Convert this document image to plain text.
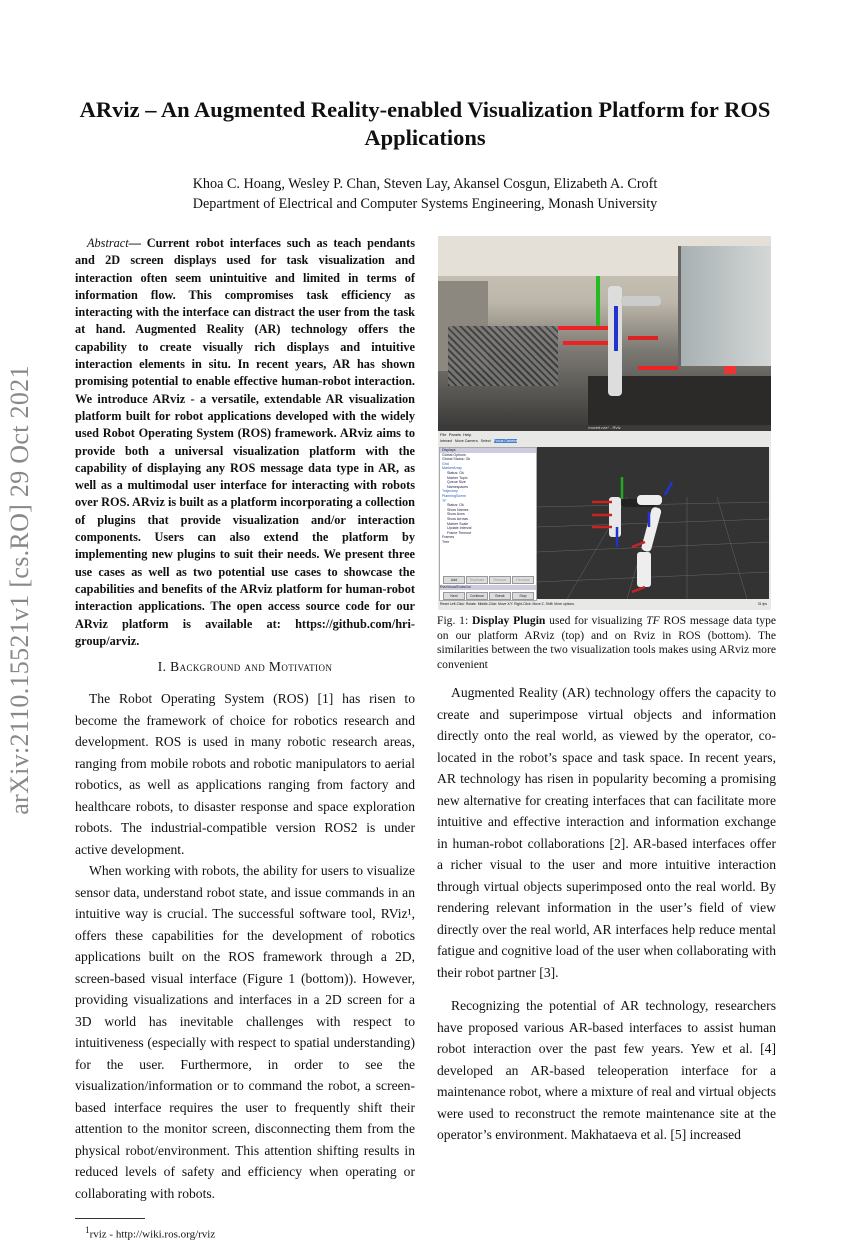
arXiv:2110.15521v1 [cs.RO] 29 Oct 2021
ARviz – An Augmented Reality-enabled Visualization Platform for ROS Applications
Khoa C. Hoang, Wesley P. Chan, Steven Lay, Akansel Cosgun, Elizabeth A. Croft
Department of Electrical and Computer Systems Engineering, Monash University

Abstract— Current robot interfaces such as teach pendants and 2D screen displays used for task visualization and interaction often seem unintuitive and limited in terms of information flow. This compromises task efficiency as interacting with the interface can distract the user from the task at hand. Augmented Reality (AR) technology offers the capability to create visually rich displays and intuitive interaction elements in situ. In recent years, AR has shown promising potential to enable effective human-robot interaction. We introduce ARviz - a versatile, extendable AR visualization platform built for robot applications developed with the widely used Robot Operating System (ROS) framework. ARviz aims to provide both a universal visualization platform with the capability of displaying any ROS message data type in AR, as well as a multimodal user interface for interacting with robots over ROS. ARviz is built as a platform incorporating a collection of plugins that provide visualization and/or interaction components. Users can also extend the platform by implementing new plugins to suit their needs. We present three use cases as well as two potential use cases to showcase the capabilities and benefits of the ARviz platform for human-robot interaction applications. The open access source code for our ARviz platform is available at: https://github.com/hri-group/arviz.

I. Background and Motivation

The Robot Operating System (ROS) [1] has risen to become the framework of choice for robotics research and development. ROS is used in many robotic research areas, ranging from mobile robots and robotic manipulators to aerial robotics, as well as applications ranging from factory and healthcare robots, to disaster response and space exploration robots. The industrial-compatible version ROS2 is under active development.

When working with robots, the ability for users to visualize sensor data, understand robot state, and issue commands in an intuitive way is crucial. The successful software tool, RViz¹, offers these capabilities for the development of robotics applications built on the ROS framework through a 2D, screen-based visual interface (Figure 1 (bottom)). However, providing visualizations and interfaces in a 2D screen for a 3D world has inevitable challenges with respect to intuitiveness (especially with respect to spatial understanding) for the user. Furthermore, in order to see the visualization/information or to command the robot, a screen-based interface requires the user to frequently shift their attention to the monitor screen, disconnecting them from the physical robot/environment. This attention shifting results in reduced levels of safety and efficiency when operating or collaborating with robots.

$^1$rviz - http://wiki.ros.org/rviz
moveit.rviz* - RViz
File Panels Help
Interact Move Camera Select Focus Camera
Displays
Global Options
Global Status: Ok
Grid
MarkerArray
Status: Ok
Marker Topic
Queue Size
Namespaces
Trajectory
PlanningScene
TF
Status: Ok
Show Names
Show Axes
Show Arrows
Marker Scale
Update Interval
Frame Timeout
Frames
Tree
Add	Duplicate	Remove	Rename
RvizVisualToolsGui
Next	Continue	Break	Stop
Reset Left-Click: Rotate. Middle-Click: Move X/Y. Right-Click: Move Z. Shift: More options.	31 fps
Fig. 1: Display Plugin used for visualizing TF ROS message data type on our platform ARviz (top) and on Rviz in ROS (bottom). The similarities between the two visualization tools makes using ARviz more convenient

Augmented Reality (AR) technology offers the capacity to create and superimpose virtual objects and information directly onto the real world, as viewed by the operator, co-located in the robot’s space and task space. In recent years, AR technology has risen in popularity becoming a promising new alternative for creating interfaces that can facilitate more intuitive and effective interaction and information exchange in human-robot collaborations [2]. AR-based interfaces offer a richer visual to the user and more intuitive interaction through virtual objects superimposed onto the real world. By rendering relevant information in the user’s field of view directly over the real world, AR interfaces help reduce mental fatigue and cognitive load of the user when collaborating with their robot partner [3].

Recognizing the potential of AR technology, researchers have proposed various AR-based interfaces to assist human robot interaction over the past few years. Yew et al. [4] developed an AR-based teleoperation interface for a maintenance robot, where a mixture of real and virtual objects were used to reconstruct the remote maintenance site at the operator’s environment. Makhataeva et al. [5] increased
